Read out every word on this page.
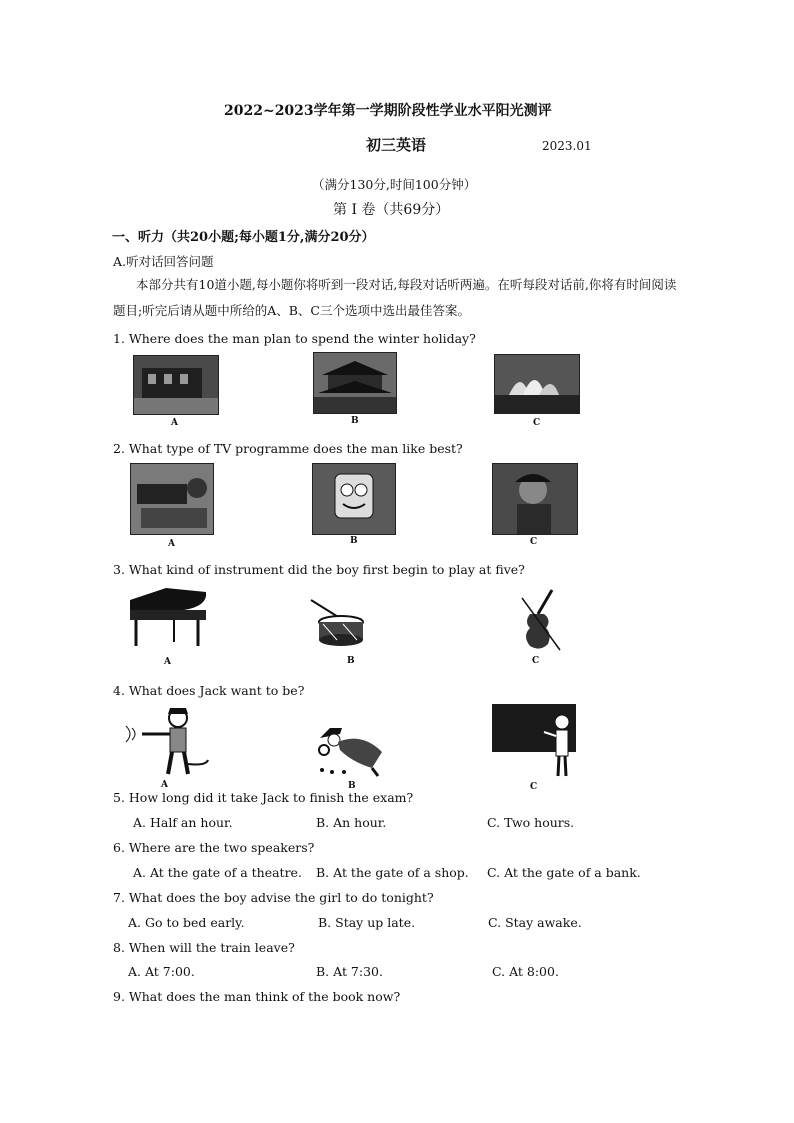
2022~2023学年第一学期阶段性学业水平阳光测评
初三英语	2023.01
（满分130分,时间100分钟）
第 I 卷（共69分）
一、听力（共20小题;每小题1分,满分20分）
A.听对话回答问题
本部分共有10道小题,每小题你将听到一段对话,每段对话听两遍。在听每段对话前,你将有时间阅读题目;听完后请从题中所给的A、B、C三个选项中选出最佳答案。
1. Where does the man plan to spend the winter holiday?
A	B	C
2. What type of TV programme does the man like best?
A	B	C
3. What kind of instrument did the boy first begin to play at five?
A	B	C
4. What does Jack want to be?
A	B	C
5. How long did it take Jack to finish the exam?
A. Half an hour.	B. An hour.	C. Two hours.
6. Where are the two speakers?
A. At the gate of a theatre. B. At the gate of a shop. C. At the gate of a bank.
7. What does the boy advise the girl to do tonight?
A. Go to bed early.	B. Stay up late.	C. Stay awake.
8. When will the train leave?
A. At 7:00.	B. At 7:30.	C. At 8:00.
9. What does the man think of the book now?
